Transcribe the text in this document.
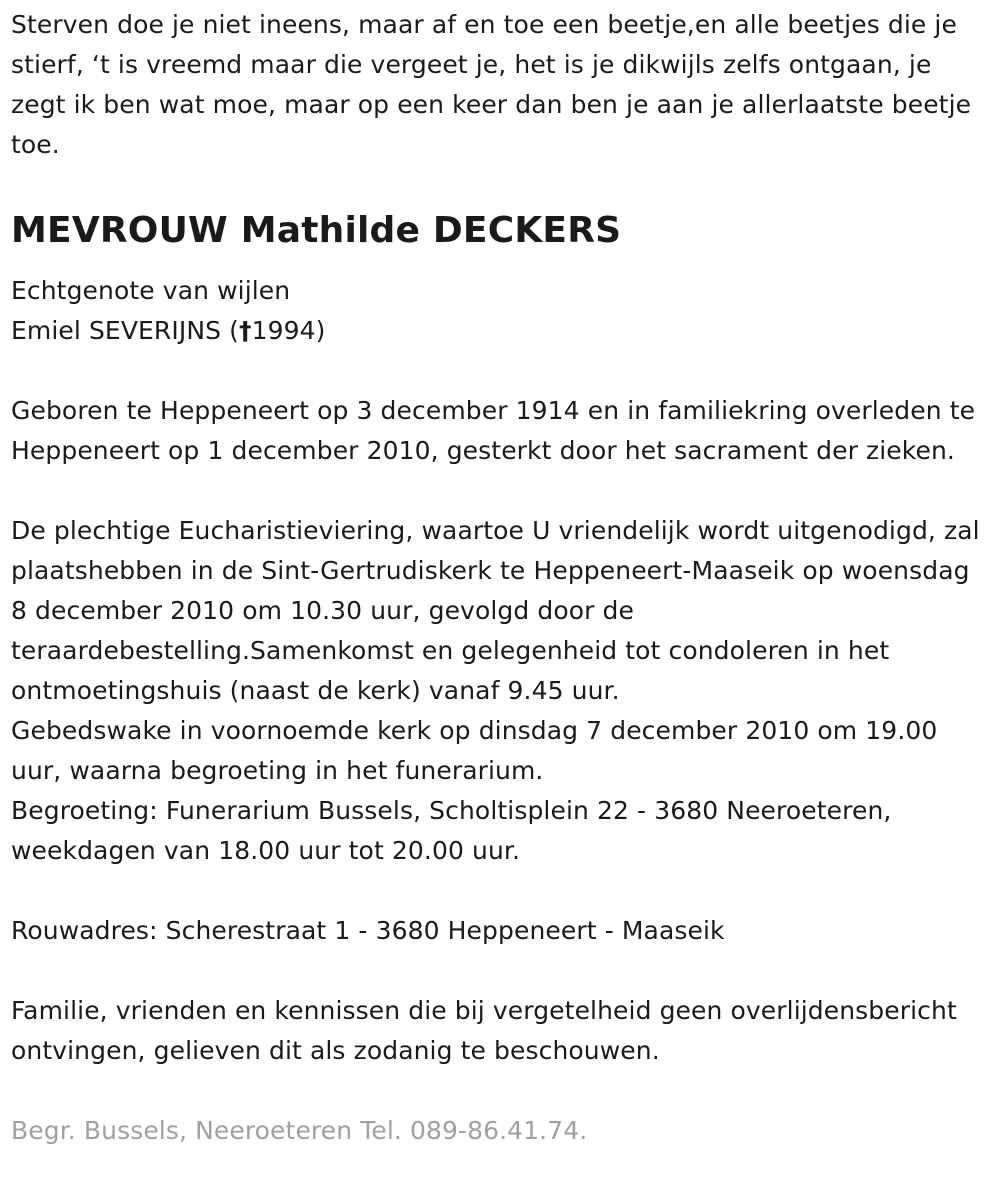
Sterven doe je niet ineens, maar af en toe een beetje,en alle beetjes die je stierf, ‘t is vreemd maar die vergeet je, het is je dikwijls zelfs ontgaan, je zegt ik ben wat moe, maar op een keer dan ben je aan je allerlaatste beetje toe.

MEVROUW Mathilde DECKERS

Echtgenote van wijlen

Emiel SEVERIJNS (†1994)

Geboren te Heppeneert op 3 december 1914 en in familiekring overleden te Heppeneert op 1 december 2010, gesterkt door het sacrament der zieken.

De plechtige Eucharistieviering, waartoe U vriendelijk wordt uitgenodigd, zal plaatshebben in de Sint-Gertrudiskerk te Heppeneert-Maaseik op woensdag 8 december 2010 om 10.30 uur, gevolgd door de teraardebestelling.Samenkomst en gelegenheid tot condoleren in het ontmoetingshuis (naast de kerk) vanaf 9.45 uur.

Gebedswake in voornoemde kerk op dinsdag 7 december 2010 om 19.00 uur, waarna begroeting in het funerarium.

Begroeting: Funerarium Bussels, Scholtisplein 22 - 3680 Neeroeteren, weekdagen van 18.00 uur tot 20.00 uur.

Rouwadres: Scherestraat 1 - 3680 Heppeneert - Maaseik

Familie, vrienden en kennissen die bij vergetelheid geen overlijdensbericht ontvingen, gelieven dit als zodanig te beschouwen.

Begr. Bussels, Neeroeteren Tel. 089-86.41.74.
